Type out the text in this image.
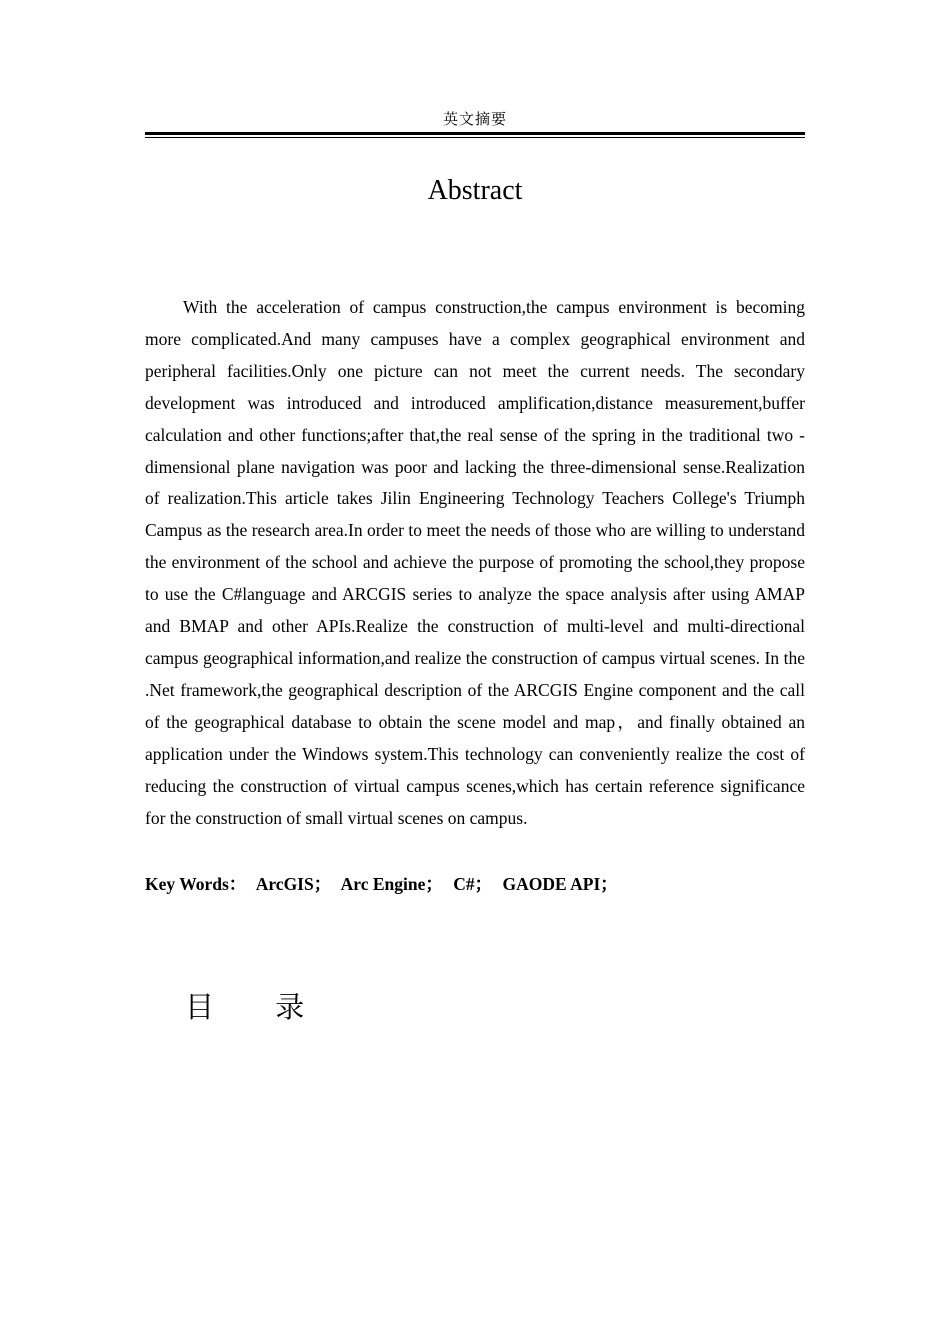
英文摘要
Abstract

With the acceleration of campus construction,the campus environment is becoming more complicated.And many campuses have a complex geographical environment and peripheral facilities.Only one picture can not meet the current needs. The secondary development was introduced and introduced amplification,distance measurement,buffer calculation and other functions;after that,the real sense of the spring in the traditional two -dimensional plane navigation was poor and lacking the three-dimensional sense.Realization of realization.This article takes Jilin Engineering Technology Teachers College's Triumph Campus as the research area.In order to meet the needs of those who are willing to understand the environment of the school and achieve the purpose of promoting the school,they propose to use the C#language and ARCGIS series to analyze the space analysis after using AMAP and BMAP and other APIs.Realize the construction of multi-level and multi-directional campus geographical information,and realize the construction of campus virtual scenes. In the .Net framework,the geographical description of the ARCGIS Engine component and the call of the geographical database to obtain the scene model and map，and finally obtained an application under the Windows system.This technology can conveniently realize the cost of reducing the construction of virtual campus scenes,which has certain reference significance for the construction of small virtual scenes on campus.

Key Words： ArcGIS； Arc Engine； C#； GAODE API；
目 录
